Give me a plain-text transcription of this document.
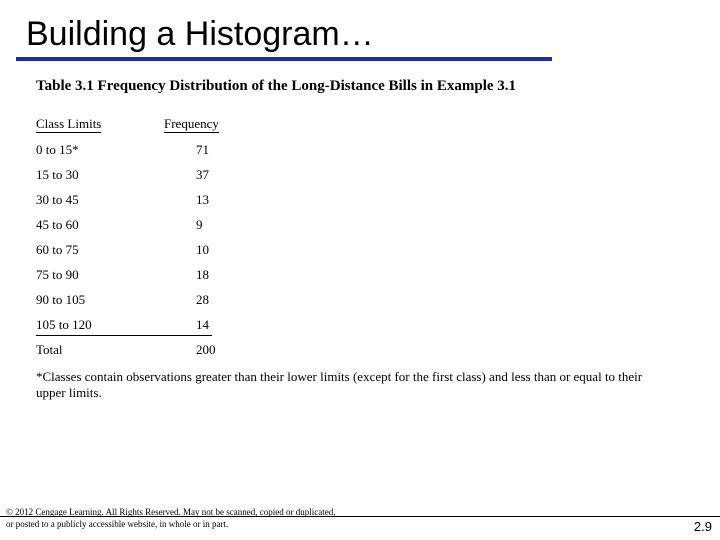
Building a Histogram…
Table 3.1 Frequency Distribution of the Long-Distance Bills in Example 3.1
Class Limits	Frequency
0 to 15*	71
15 to 30	37
30 to 45	13
45 to 60	9
60 to 75	10
75 to 90	18
90 to 105	28
105 to 120	14
Total	200
*Classes contain observations greater than their lower limits (except for the first class) and less than or equal to their upper limits.
© 2012 Cengage Learning. All Rights Reserved. May not be scanned, copied or duplicated, or posted to a publicly accessible website, in whole or in part.	2.9
